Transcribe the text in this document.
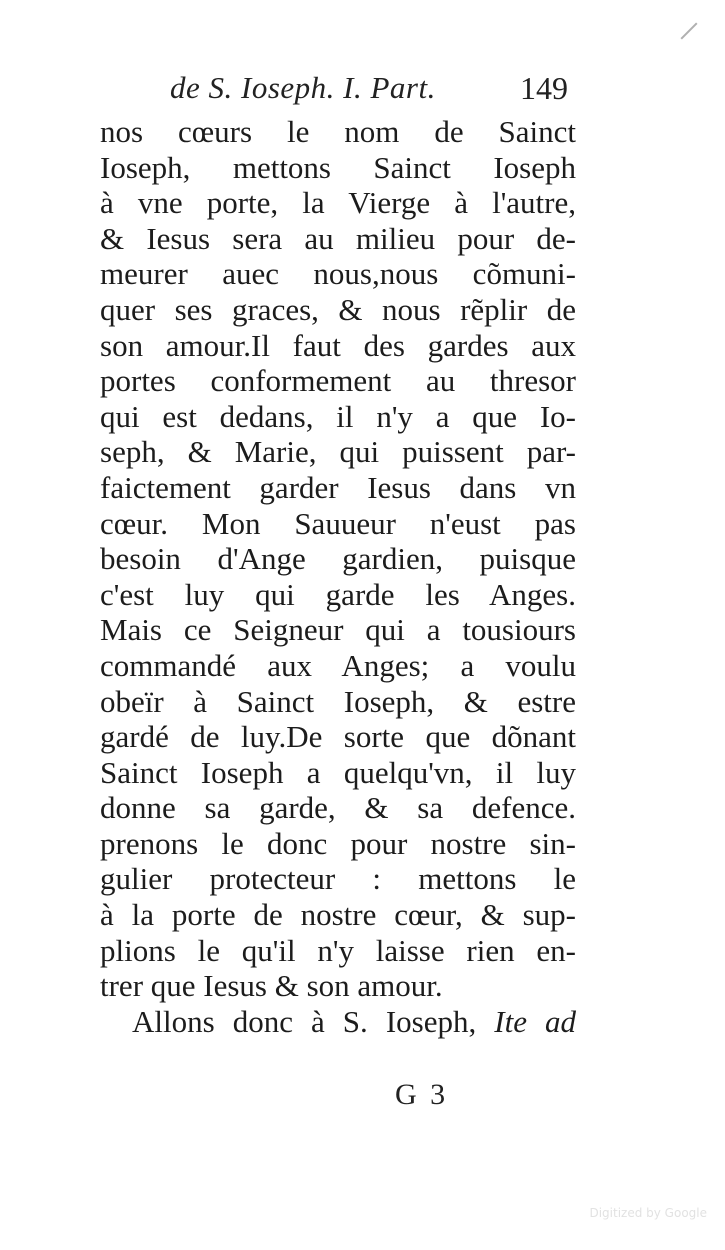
de S. Ioseph. I. Part.	149
nos cœurs le nom de Sainct
Ioseph, mettons Sainct Ioseph
à vne porte, la Vierge à l'autre,
& Iesus sera au milieu pour de-
meurer auec nous,nous cõmuni-
quer ses graces, & nous rẽplir de
son amour.Il faut des gardes aux
portes conformement au thresor
qui est dedans, il n'y a que Io-
seph, & Marie, qui puissent par-
faictement garder Iesus dans vn
cœur. Mon Sauueur n'eust pas
besoin d'Ange gardien, puisque
c'est luy qui garde les Anges.
Mais ce Seigneur qui a tousiours
commandé aux Anges; a voulu
obeïr à Sainct Ioseph, & estre
gardé de luy.De sorte que dõnant
Sainct Ioseph a quelqu'vn, il luy
donne sa garde, & sa defence.
prenons le donc pour nostre sin-
gulier protecteur : mettons le
à la porte de nostre cœur, & sup-
plions le qu'il n'y laisse rien en-
trer que Iesus & son amour.
Allons donc à S. Ioseph, Ite ad
G 3
Digitized by Google
